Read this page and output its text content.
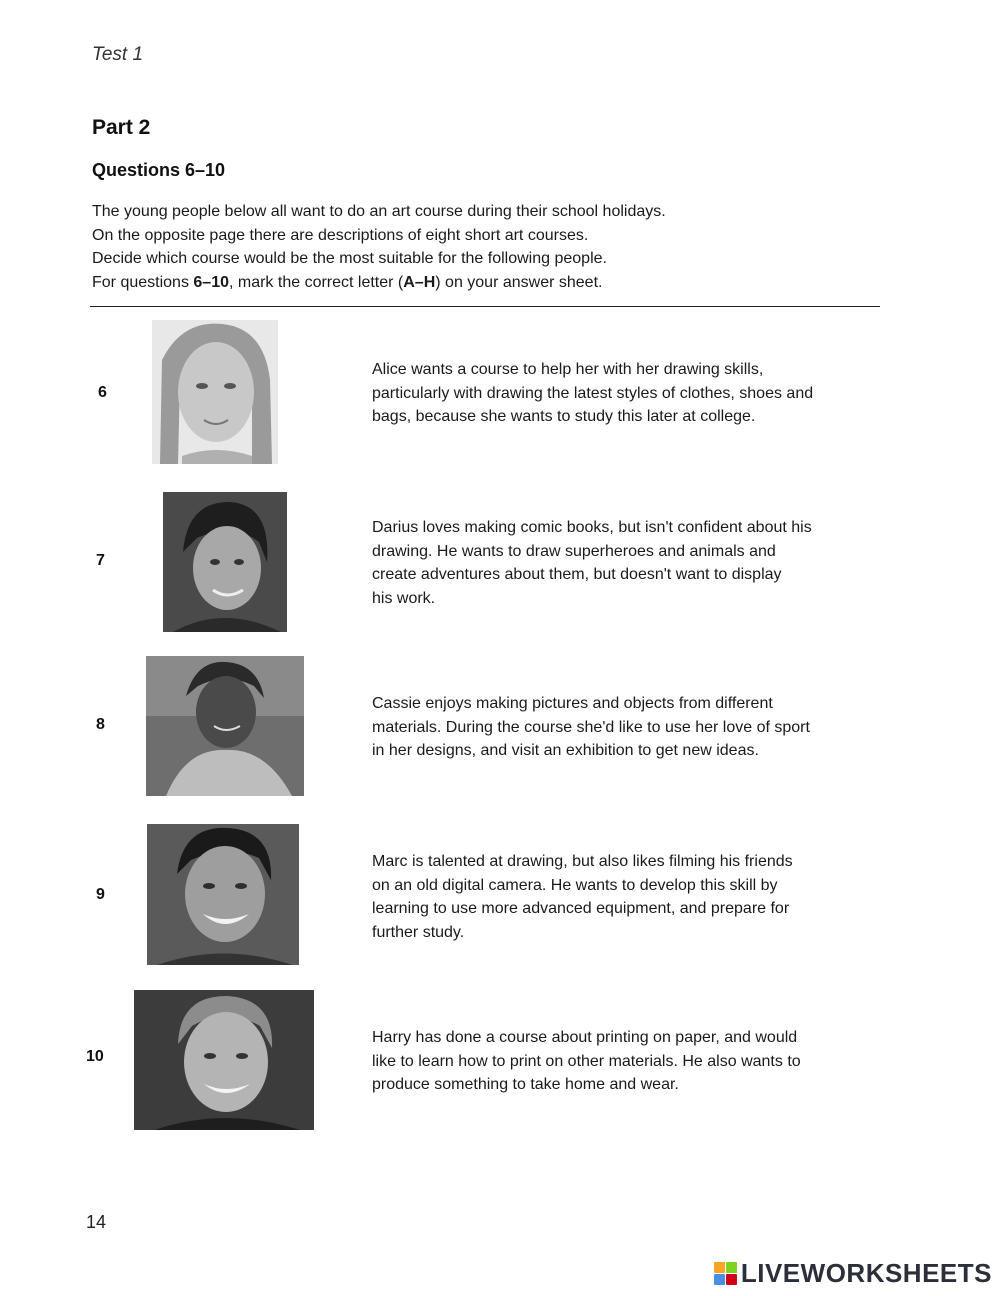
Test 1
Part 2
Questions 6–10

The young people below all want to do an art course during their school holidays.

On the opposite page there are descriptions of eight short art courses.

Decide which course would be the most suitable for the following people.

For questions 6–10, mark the correct letter (A–H) on your answer sheet.

6
Alice wants a course to help her with her drawing skills,
particularly with drawing the latest styles of clothes, shoes and
bags, because she wants to study this later at college.
7
Darius loves making comic books, but isn't confident about his
drawing. He wants to draw superheroes and animals and
create adventures about them, but doesn't want to display
his work.
8
Cassie enjoys making pictures and objects from different
materials. During the course she'd like to use her love of sport
in her designs, and visit an exhibition to get new ideas.
9
Marc is talented at drawing, but also likes filming his friends
on an old digital camera. He wants to develop this skill by
learning to use more advanced equipment, and prepare for
further study.
10
Harry has done a course about printing on paper, and would
like to learn how to print on other materials. He also wants to
produce something to take home and wear.
14
LIVEWORKSHEETS
